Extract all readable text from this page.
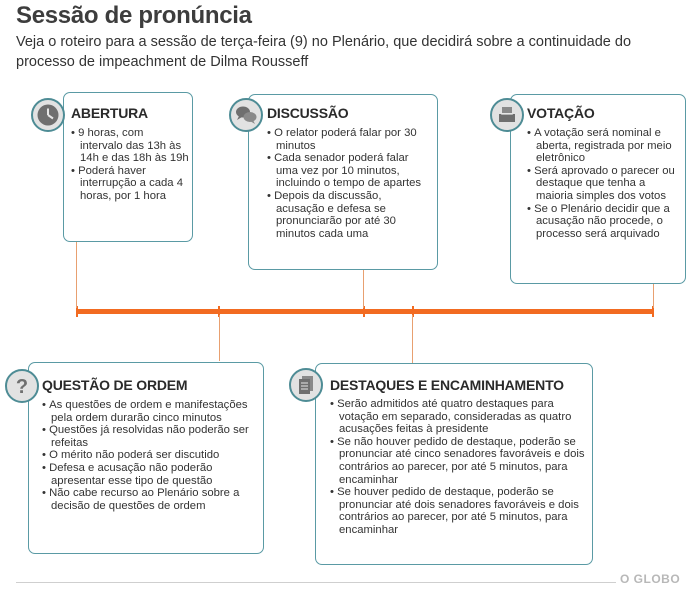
Sessão de pronúncia
Veja o roteiro para a sessão de terça-feira (9) no Plenário, que decidirá sobre a continuidade do processo de impeachment de Dilma Rousseff
ABERTURA
• 9 horas, com intervalo das 13h às 14h e das 18h às 19h
• Poderá haver interrupção a cada 4 horas, por 1 hora
DISCUSSÃO
• O relator poderá falar por 30 minutos
• Cada senador poderá falar uma vez por 10 minutos, incluindo o tempo de apartes
• Depois da discussão, acusação e defesa se pronunciarão por até 30 minutos cada uma
VOTAÇÃO
• A votação será nominal e aberta, registrada por meio eletrônico
• Será aprovado o parecer ou destaque que tenha a maioria simples dos votos
• Se o Plenário decidir que a acusação não procede, o processo será arquivado
QUESTÃO DE ORDEM
• As questões de ordem e manifestações pela ordem durarão cinco minutos
• Questões já resolvidas não poderão ser refeitas
• O mérito não poderá ser discutido
• Defesa e acusação não poderão apresentar esse tipo de questão
• Não cabe recurso ao Plenário sobre a decisão de questões de ordem
?	DESTAQUES E ENCAMINHAMENTO
• Serão admitidos até quatro destaques para votação em separado, consideradas as quatro acusações feitas à presidente
• Se não houver pedido de destaque, poderão se pronunciar até cinco senadores favoráveis e dois contrários ao parecer, por até 5 minutos, para encaminhar
• Se houver pedido de destaque, poderão se pronunciar até dois senadores favoráveis e dois contrários ao parecer, por até 5 minutos, para encaminhar
O GLOBO
